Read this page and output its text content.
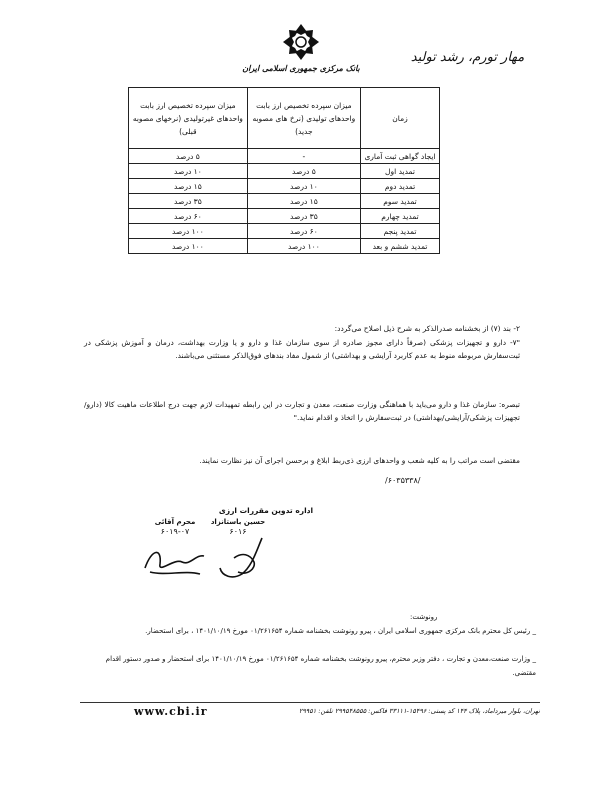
مهار تورم، رشد تولید
بانک مرکزی جمهوری اسلامی ایران
زمان	میزان سپرده تخصیص ارز بابت واحدهای تولیدی (نرخ های مصوبه جدید)	میزان سپرده تخصیص ارز بابت واحدهای غیرتولیدی (نرخهای مصوبه قبلی)
ایجاد گواهی ثبت آماری	-	۵ درصد
تمدید اول	۵ درصد	۱۰ درصد
تمدید دوم	۱۰ درصد	۱۵ درصد
تمدید سوم	۱۵ درصد	۳۵ درصد
تمدید چهارم	۳۵ درصد	۶۰ درصد
تمدید پنجم	۶۰ درصد	۱۰۰ درصد
تمدید ششم و بعد	۱۰۰ درصد	۱۰۰ درصد
۲- بند (۷) از بخشنامه صدرالذکر به شرح ذیل اصلاح می‌گردد:
"۷- دارو و تجهیزات پزشکی (صرفاً دارای مجوز صادره از سوی سازمان غذا و دارو و یا وزارت بهداشت، درمان و آموزش پزشکی در ثبت‌سفارش مربوطه منوط به عدم کاربرد آرایشی و بهداشتی) از شمول مفاد بندهای فوق‌الذکر مستثنی می‌باشند.
تبصره: سازمان غذا و دارو می‌باید با هماهنگی وزارت صنعت، معدن و تجارت در این رابطه تمهیدات لازم جهت درج اطلاعات ماهیت کالا (دارو/تجهیزات پزشکی/آرایشی/بهداشتی) در ثبت‌سفارش را اتخاذ و اقدام نماید."
مقتضی است مراتب را به کلیه شعب و واحدهای ارزی ذی‌ربط ابلاغ و برحسن اجرای آن نیز نظارت نمایند.
/۶۰۳۵۳۳۸/
اداره تدوین مقررات ارزی
محرم آقائی
۶۰۱۹-۰۷
حسین باستانزاد
۶۰۱۶
رونوشت:
_ رئیس کل محترم بانک مرکزی جمهوری اسلامی ایران ، پیرو رونوشت بخشنامه شماره ۰۱/۲۶۱۶۵۴ مورخ ۱۴۰۱/۱۰/۱۹ ، برای استحضار.
_ وزارت صنعت،معدن و تجارت ، دفتر وزیر محترم، پیرو رونوشت بخشنامه شماره ۰۱/۲۶۱۶۵۴ مورخ ۱۴۰۱/۱۰/۱۹ برای استحضار و صدور دستور اقدام مقتضی.
www.cbi.ir	تهران، بلوار میرداماد، پلاک ۱۴۴ کد پستی: ۱۵۴۹۶-۳۳۱۱۱ فاکس: ۲۹۹۵۴۸۵۵۵ تلفن: ۲۹۹۵۱
